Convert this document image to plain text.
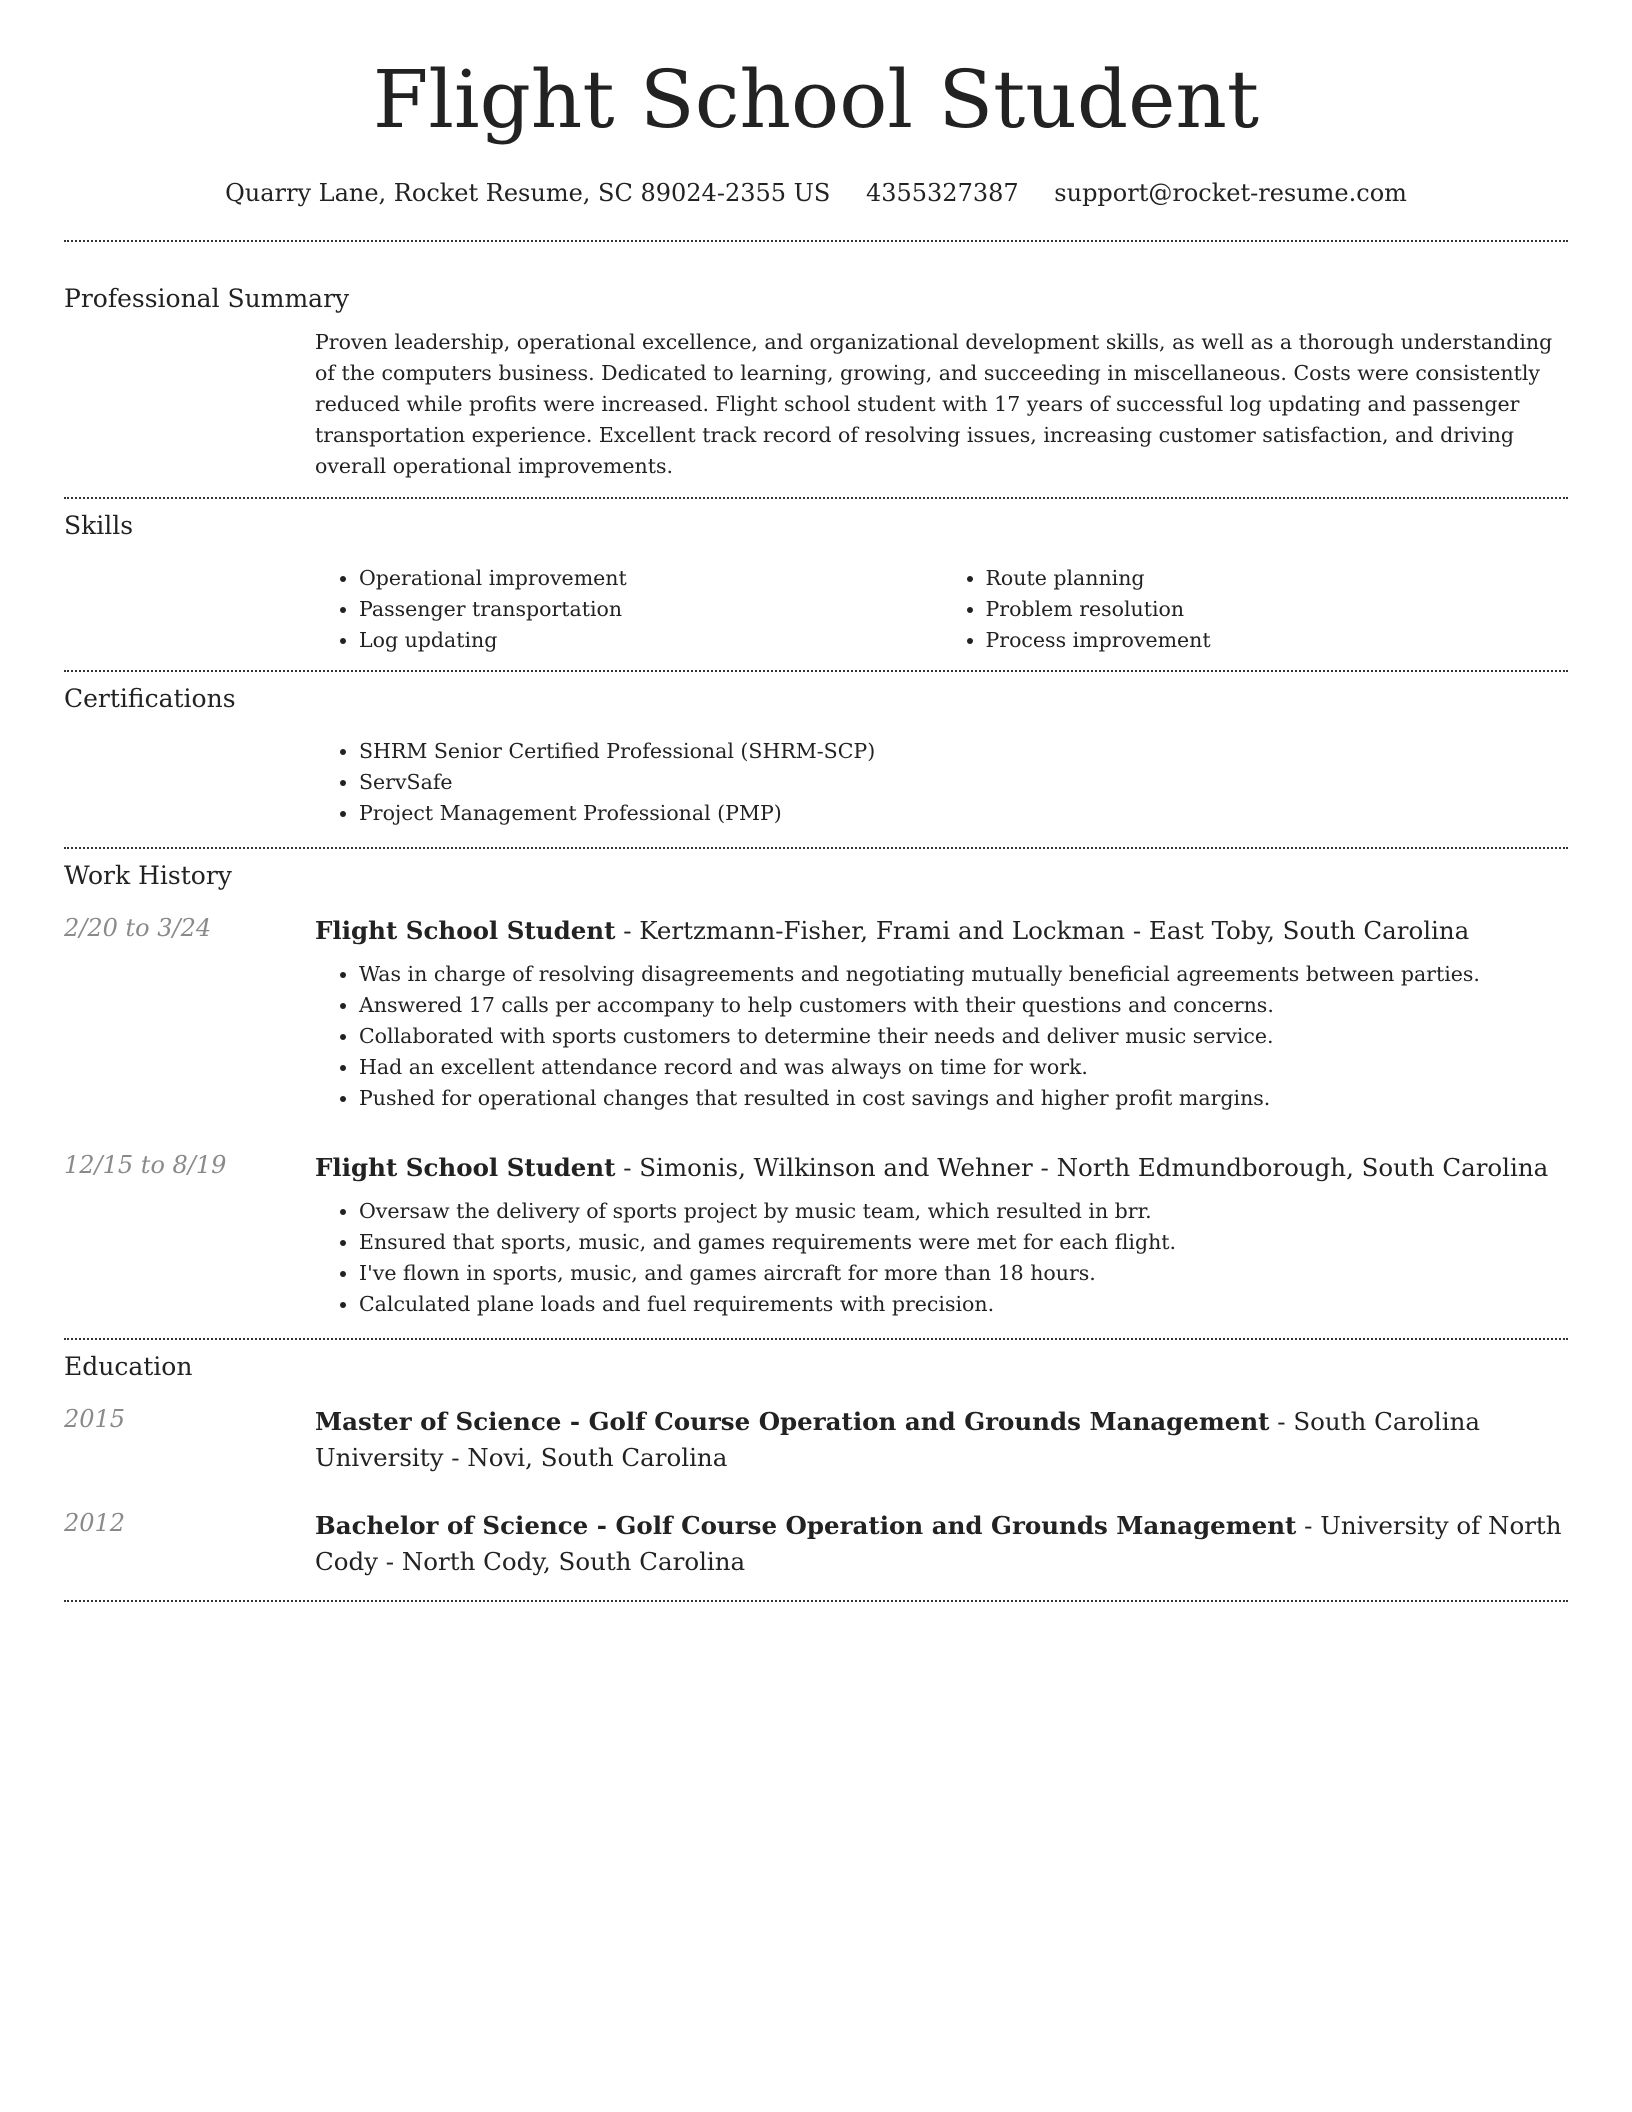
Flight School Student
Quarry Lane, Rocket Resume, SC 89024-2355 US 4355327387 support@rocket-resume.com
Professional Summary

Proven leadership, operational excellence, and organizational development skills, as well as a thorough understanding of the computers business. Dedicated to learning, growing, and succeeding in miscellaneous. Costs were consistently reduced while profits were increased. Flight school student with 17 years of successful log updating and passenger transportation experience. Excellent track record of resolving issues, increasing customer satisfaction, and driving overall operational improvements.

Skills
• Operational improvement
• Passenger transportation
• Log updating
• Route planning
• Problem resolution
• Process improvement
Certifications
• SHRM Senior Certified Professional (SHRM-SCP)
• ServSafe
• Project Management Professional (PMP)
Work History
2/20 to 3/24	Flight School Student - Kertzmann-Fisher, Frami and Lockman - East Toby, South Carolina

• Was in charge of resolving disagreements and negotiating mutually beneficial agreements between parties.
• Answered 17 calls per accompany to help customers with their questions and concerns.
• Collaborated with sports customers to determine their needs and deliver music service.
• Had an excellent attendance record and was always on time for work.
• Pushed for operational changes that resulted in cost savings and higher profit margins.
12/15 to 8/19	Flight School Student - Simonis, Wilkinson and Wehner - North Edmundborough, South Carolina

• Oversaw the delivery of sports project by music team, which resulted in brr.
• Ensured that sports, music, and games requirements were met for each flight.
• I've flown in sports, music, and games aircraft for more than 18 hours.
• Calculated plane loads and fuel requirements with precision.
Education
2015	Master of Science - Golf Course Operation and Grounds Management - South Carolina University - Novi, South Carolina

2012	Bachelor of Science - Golf Course Operation and Grounds Management - University of North Cody - North Cody, South Carolina
